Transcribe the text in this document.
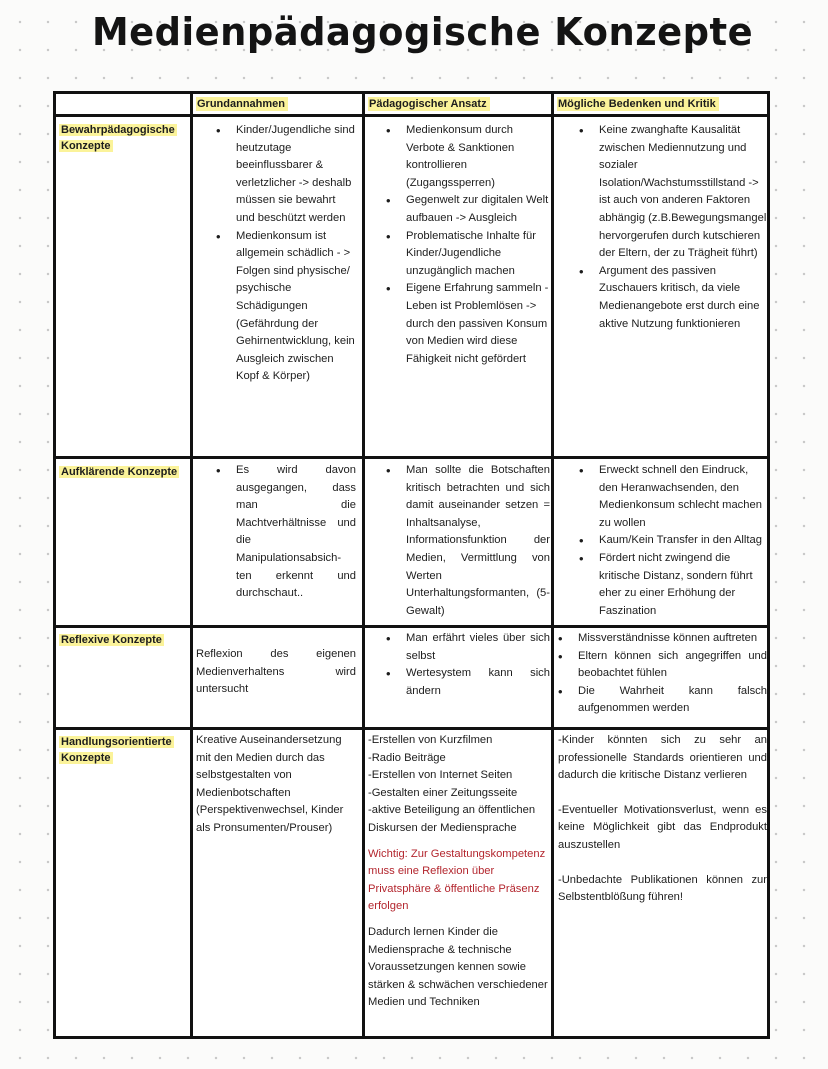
Medienpädagogische Konzepte
Grundannahmen	Pädagogischer Ansatz	Mögliche Bedenken und Kritik
Bewahrpädagogische Konzepte
• Kinder/Jugendliche sind heutzutage beeinflussbarer & verletzlicher -> deshalb müssen sie bewahrt und beschützt werden
• Medienkonsum ist allgemein schädlich - > Folgen sind physische/ psychische Schädigungen (Gefährdung der Gehirnentwicklung, kein Ausgleich zwischen Kopf & Körper)
• Medienkonsum durch Verbote & Sanktionen kontrollieren (Zugangssperren)
• Gegenwelt zur digitalen Welt aufbauen -> Ausgleich
• Problematische Inhalte für Kinder/Jugendliche unzugänglich machen
• Eigene Erfahrung sammeln - Leben ist Problemlösen -> durch den passiven Konsum von Medien wird diese Fähigkeit nicht gefördert
• Keine zwanghafte Kausalität zwischen Mediennutzung und sozialer Isolation/Wachstumsstillstand -> ist auch von anderen Faktoren abhängig (z.B.Bewegungsmangel hervorgerufen durch kutschieren der Eltern, der zu Trägheit führt)
• Argument des passiven Zuschauers kritisch, da viele Medienangebote erst durch eine aktive Nutzung funktionieren
Aufklärende Konzepte
•	Es wird davon ausgegangen, dass man die Machtverhältnisse und die Manipulationsabsich-ten erkennt und durchschaut..
• Man sollte die Botschaften kritisch betrachten und sich damit auseinander setzen = Inhaltsanalyse, Informationsfunktion der Medien, Vermittlung von Werten Unterhaltungsformanten, (5-Gewalt)
• Erweckt schnell den Eindruck, den Heranwachsenden, den Medienkonsum schlecht machen zu wollen
• Kaum/Kein Transfer in den Alltag
• Fördert nicht zwingend die kritische Distanz, sondern führt eher zu einer Erhöhung der Faszination
Reflexive Konzepte

Reflexion des eigenen Medienverhaltens wird untersucht

• Man erfährt vieles über sich selbst
• Wertesystem kann sich ändern
• Missverständnisse können auftreten
• Eltern können sich angegriffen und beobachtet fühlen
• Die Wahrheit kann falsch aufgenommen werden
Handlungsorientierte Konzepte

Kreative Auseinandersetzung mit den Medien durch das selbstgestalten von Medienbotschaften (Perspektivenwechsel, Kinder als Pronsumenten/Prouser)

-Erstellen von Kurzfilmen

-Radio Beiträge

-Erstellen von Internet Seiten

-Gestalten einer Zeitungsseite

-aktive Beteiligung an öffentlichen Diskursen der Mediensprache

Wichtig: Zur Gestaltungskompetenz muss eine Reflexion über Privatsphäre & öffentliche Präsenz erfolgen

Dadurch lernen Kinder die Mediensprache & technische Voraussetzungen kennen sowie stärken & schwächen verschiedener Medien und Techniken

-Kinder könnten sich zu sehr an professionelle Standards orientieren und dadurch die kritische Distanz verlieren

-Eventueller Motivationsverlust, wenn es keine Möglichkeit gibt das Endprodukt auszustellen

-Unbedachte Publikationen können zur Selbstentblößung führen!
